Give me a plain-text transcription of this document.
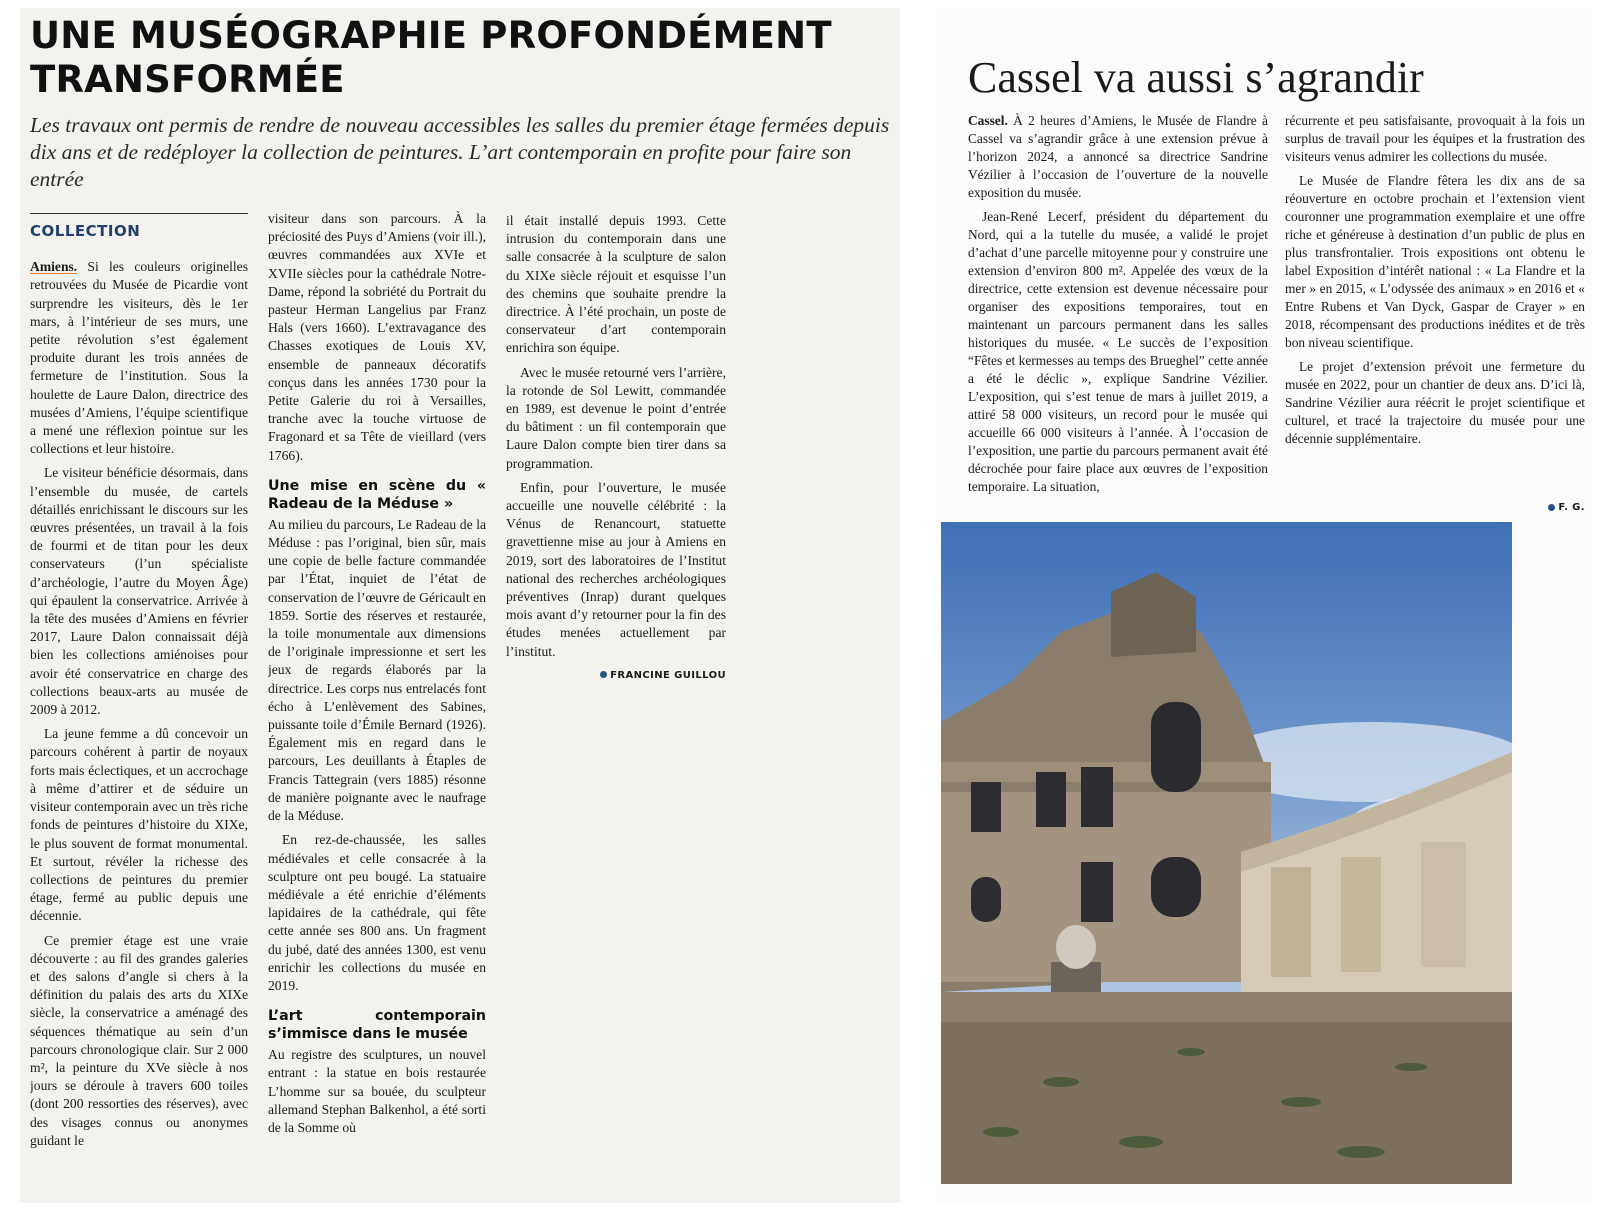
UNE MUSÉOGRAPHIE PROFONDÉMENT TRANSFORMÉE

Les travaux ont permis de rendre de nouveau accessibles les salles du premier étage fermées depuis dix ans et de redéployer la collection de peintures. L’art contemporain en profite pour faire son entrée

COLLECTION

Amiens. Si les couleurs originelles retrouvées du Musée de Picardie vont surprendre les visiteurs, dès le 1er mars, à l’intérieur de ses murs, une petite révolution s’est également produite durant les trois années de fermeture de l’institution. Sous la houlette de Laure Dalon, directrice des musées d’Amiens, l’équipe scientifique a mené une réflexion pointue sur les collections et leur histoire.

Le visiteur bénéficie désormais, dans l’ensemble du musée, de cartels détaillés enrichissant le discours sur les œuvres présentées, un travail à la fois de fourmi et de titan pour les deux conservateurs (l’un spécialiste d’archéologie, l’autre du Moyen Âge) qui épaulent la conservatrice. Arrivée à la tête des musées d’Amiens en février 2017, Laure Dalon connaissait déjà bien les collections amiénoises pour avoir été conservatrice en charge des collections beaux-arts au musée de 2009 à 2012.

La jeune femme a dû concevoir un parcours cohérent à partir de noyaux forts mais éclectiques, et un accrochage à même d’attirer et de séduire un visiteur contemporain avec un très riche fonds de peintures d’histoire du XIXe, le plus souvent de format monumental. Et surtout, révéler la richesse des collections de peintures du premier étage, fermé au public depuis une décennie.

Ce premier étage est une vraie découverte : au fil des grandes galeries et des salons d’angle si chers à la définition du palais des arts du XIXe siècle, la conservatrice a aménagé des séquences thématique au sein d’un parcours chronologique clair. Sur 2 000 m², la peinture du XVe siècle à nos jours se déroule à travers 600 toiles (dont 200 ressorties des réserves), avec des visages connus ou anonymes guidant le

visiteur dans son parcours. À la préciosité des Puys d’Amiens (voir ill.), œuvres commandées aux XVIe et XVIIe siècles pour la cathédrale Notre-Dame, répond la sobriété du Portrait du pasteur Herman Langelius par Franz Hals (vers 1660). L’extravagance des Chasses exotiques de Louis XV, ensemble de panneaux décoratifs conçus dans les années 1730 pour la Petite Galerie du roi à Versailles, tranche avec la touche virtuose de Fragonard et sa Tête de vieillard (vers 1766).

Une mise en scène du « Radeau de la Méduse »

Au milieu du parcours, Le Radeau de la Méduse : pas l’original, bien sûr, mais une copie de belle facture commandée par l’État, inquiet de l’état de conservation de l’œuvre de Géricault en 1859. Sortie des réserves et restaurée, la toile monumentale aux dimensions de l’originale impressionne et sert les jeux de regards élaborés par la directrice. Les corps nus entrelacés font écho à L’enlèvement des Sabines, puissante toile d’Émile Bernard (1926). Également mis en regard dans le parcours, Les deuillants à Étaples de Francis Tattegrain (vers 1885) résonne de manière poignante avec le naufrage de la Méduse.

En rez-de-chaussée, les salles médiévales et celle consacrée à la sculpture ont peu bougé. La statuaire médiévale a été enrichie d’éléments lapidaires de la cathédrale, qui fête cette année ses 800 ans. Un fragment du jubé, daté des années 1300, est venu enrichir les collections du musée en 2019.

L’art contemporain s’immisce dans le musée

Au registre des sculptures, un nouvel entrant : la statue en bois restaurée L’homme sur sa bouée, du sculpteur allemand Stephan Balkenhol, a été sorti de la Somme où

il était installé depuis 1993. Cette intrusion du contemporain dans une salle consacrée à la sculpture de salon du XIXe siècle réjouit et esquisse l’un des chemins que souhaite prendre la directrice. À l’été prochain, un poste de conservateur d’art contemporain enrichira son équipe.

Avec le musée retourné vers l’arrière, la rotonde de Sol Lewitt, commandée en 1989, est devenue le point d’entrée du bâtiment : un fil contemporain que Laure Dalon compte bien tirer dans sa programmation.

Enfin, pour l’ouverture, le musée accueille une nouvelle célébrité : la Vénus de Renancourt, statuette gravettienne mise au jour à Amiens en 2019, sort des laboratoires de l’Institut national des recherches archéologiques préventives (Inrap) durant quelques mois avant d’y retourner pour la fin des études menées actuellement par l’institut.

FRANCINE GUILLOU
Cassel va aussi s’agrandir

Cassel. À 2 heures d’Amiens, le Musée de Flandre à Cassel va s’agrandir grâce à une extension prévue à l’horizon 2024, a annoncé sa directrice Sandrine Vézilier à l’occasion de l’ouverture de la nouvelle exposition du musée.

Jean-René Lecerf, président du département du Nord, qui a la tutelle du musée, a validé le projet d’achat d’une parcelle mitoyenne pour y construire une extension d’environ 800 m². Appelée des vœux de la directrice, cette extension est devenue nécessaire pour organiser des expositions temporaires, tout en maintenant un parcours permanent dans les salles historiques du musée. « Le succès de l’exposition “Fêtes et kermesses au temps des Brueghel” cette année a été le déclic », explique Sandrine Vézilier. L’exposition, qui s’est tenue de mars à juillet 2019, a attiré 58 000 visiteurs, un record pour le musée qui accueille 66 000 visiteurs à l’année. À l’occasion de l’exposition, une partie du parcours permanent avait été décrochée pour faire place aux œuvres de l’exposition temporaire. La situation,

récurrente et peu satisfaisante, provoquait à la fois un surplus de travail pour les équipes et la frustration des visiteurs venus admirer les collections du musée.

Le Musée de Flandre fêtera les dix ans de sa réouverture en octobre prochain et l’extension vient couronner une programmation exemplaire et une offre riche et généreuse à destination d’un public de plus en plus transfrontalier. Trois expositions ont obtenu le label Exposition d’intérêt national : « La Flandre et la mer » en 2015, « L’odyssée des animaux » en 2016 et « Entre Rubens et Van Dyck, Gaspar de Crayer » en 2018, récompensant des productions inédites et de très bon niveau scientifique.

Le projet d’extension prévoit une fermeture du musée en 2022, pour un chantier de deux ans. D’ici là, Sandrine Vézilier aura réécrit le projet scientifique et culturel, et tracé la trajectoire du musée pour une décennie supplémentaire.

F. G.
